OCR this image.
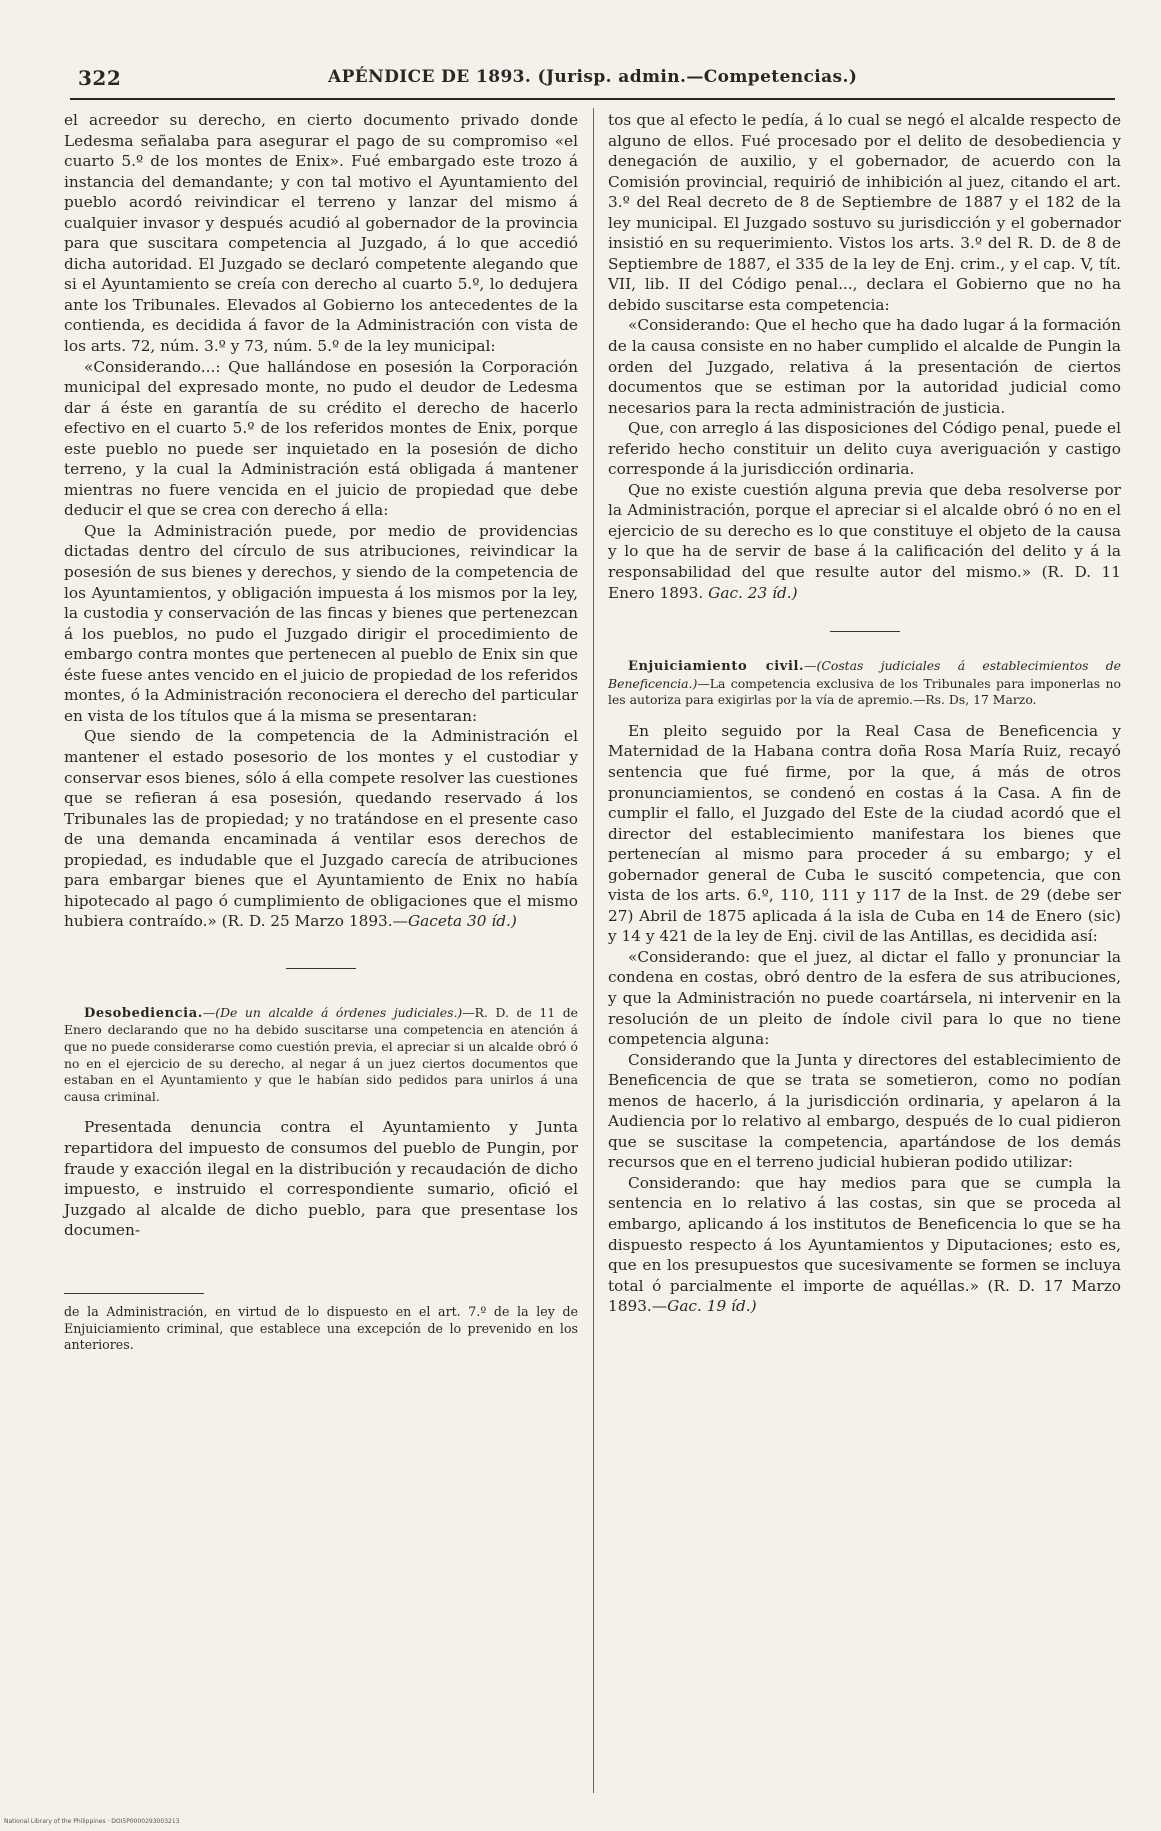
322	APÉNDICE DE 1893. (Jurisp. admin.—Competencias.)

el acreedor su derecho, en cierto documento privado donde Ledesma señalaba para asegurar el pago de su compromiso «el cuarto 5.º de los montes de Enix». Fué embargado este trozo á instancia del demandante; y con tal motivo el Ayuntamiento del pueblo acordó reivindicar el terreno y lanzar del mismo á cualquier invasor y después acudió al gobernador de la provincia para que suscitara competencia al Juzgado, á lo que accedió dicha autoridad. El Juzgado se declaró competente alegando que si el Ayuntamiento se creía con derecho al cuarto 5.º, lo dedujera ante los Tribunales. Elevados al Gobierno los antecedentes de la contienda, es decidida á favor de la Administración con vista de los arts. 72, núm. 3.º y 73, núm. 5.º de la ley municipal:

«Considerando...: Que hallándose en posesión la Corporación municipal del expresado monte, no pudo el deudor de Ledesma dar á éste en garantía de su crédito el derecho de hacerlo efectivo en el cuarto 5.º de los referidos montes de Enix, porque este pueblo no puede ser inquietado en la posesión de dicho terreno, y la cual la Administración está obligada á mantener mientras no fuere vencida en el juicio de propiedad que debe deducir el que se crea con derecho á ella:

Que la Administración puede, por medio de providencias dictadas dentro del círculo de sus atribuciones, reivindicar la posesión de sus bienes y derechos, y siendo de la competencia de los Ayuntamientos, y obligación impuesta á los mismos por la ley, la custodia y conservación de las fincas y bienes que pertenezcan á los pueblos, no pudo el Juzgado dirigir el procedimiento de embargo contra montes que pertenecen al pueblo de Enix sin que éste fuese antes vencido en el juicio de propiedad de los referidos montes, ó la Administración reconociera el derecho del particular en vista de los títulos que á la misma se presentaran:

Que siendo de la competencia de la Administración el mantener el estado posesorio de los montes y el custodiar y conservar esos bienes, sólo á ella compete resolver las cuestiones que se refieran á esa posesión, quedando reservado á los Tribunales las de propiedad; y no tratándose en el presente caso de una demanda encaminada á ventilar esos derechos de propiedad, es indudable que el Juzgado carecía de atribuciones para embargar bienes que el Ayuntamiento de Enix no había hipotecado al pago ó cumplimiento de obligaciones que el mismo hubiera contraído.» (R. D. 25 Marzo 1893.—Gaceta 30 íd.)

Desobediencia.—(De un alcalde á órdenes judiciales.)—R. D. de 11 de Enero declarando que no ha debido suscitarse una competencia en atención á que no puede considerarse como cuestión previa, el apreciar si un alcalde obró ó no en el ejercicio de su derecho, al negar á un juez ciertos documentos que estaban en el Ayuntamiento y que le habían sido pedidos para unirlos á una causa criminal.

Presentada denuncia contra el Ayuntamiento y Junta repartidora del impuesto de consumos del pueblo de Pungin, por fraude y exacción ilegal en la distribución y recaudación de dicho impuesto, e instruido el correspondiente sumario, ofició el Juzgado al alcalde de dicho pueblo, para que presentase los documen-

de la Administración, en virtud de lo dispuesto en el art. 7.º de la ley de Enjuiciamiento criminal, que establece una excepción de lo prevenido en los anteriores.

tos que al efecto le pedía, á lo cual se negó el alcalde respecto de alguno de ellos. Fué procesado por el delito de desobediencia y denegación de auxilio, y el gobernador, de acuerdo con la Comisión provincial, requirió de inhibición al juez, citando el art. 3.º del Real decreto de 8 de Septiembre de 1887 y el 182 de la ley municipal. El Juzgado sostuvo su jurisdicción y el gobernador insistió en su requerimiento. Vistos los arts. 3.º del R. D. de 8 de Septiembre de 1887, el 335 de la ley de Enj. crim., y el cap. V, tít. VII, lib. II del Código penal..., declara el Gobierno que no ha debido suscitarse esta competencia:

«Considerando: Que el hecho que ha dado lugar á la formación de la causa consiste en no haber cumplido el alcalde de Pungin la orden del Juzgado, relativa á la presentación de ciertos documentos que se estiman por la autoridad judicial como necesarios para la recta administración de justicia.

Que, con arreglo á las disposiciones del Código penal, puede el referido hecho constituir un delito cuya averiguación y castigo corresponde á la jurisdicción ordinaria.

Que no existe cuestión alguna previa que deba resolverse por la Administración, porque el apreciar si el alcalde obró ó no en el ejercicio de su derecho es lo que constituye el objeto de la causa y lo que ha de servir de base á la calificación del delito y á la responsabilidad del que resulte autor del mismo.» (R. D. 11 Enero 1893. Gac. 23 íd.)

Enjuiciamiento civil.—(Costas judiciales á establecimientos de Beneficencia.)—La competencia exclusiva de los Tribunales para imponerlas no les autoriza para exigirlas por la vía de apremio.—Rs. Ds, 17 Marzo.

En pleito seguido por la Real Casa de Beneficencia y Maternidad de la Habana contra doña Rosa María Ruiz, recayó sentencia que fué firme, por la que, á más de otros pronunciamientos, se condenó en costas á la Casa. A fin de cumplir el fallo, el Juzgado del Este de la ciudad acordó que el director del establecimiento manifestara los bienes que pertenecían al mismo para proceder á su embargo; y el gobernador general de Cuba le suscitó competencia, que con vista de los arts. 6.º, 110, 111 y 117 de la Inst. de 29 (debe ser 27) Abril de 1875 aplicada á la isla de Cuba en 14 de Enero (sic) y 14 y 421 de la ley de Enj. civil de las Antillas, es decidida así:

«Considerando: que el juez, al dictar el fallo y pronunciar la condena en costas, obró dentro de la esfera de sus atribuciones, y que la Administración no puede coartársela, ni intervenir en la resolución de un pleito de índole civil para lo que no tiene competencia alguna:

Considerando que la Junta y directores del establecimiento de Beneficencia de que se trata se sometieron, como no podían menos de hacerlo, á la jurisdicción ordinaria, y apelaron á la Audiencia por lo relativo al embargo, después de lo cual pidieron que se suscitase la competencia, apartándose de los demás recursos que en el terreno judicial hubieran podido utilizar:

Considerando: que hay medios para que se cumpla la sentencia en lo relativo á las costas, sin que se proceda al embargo, aplicando á los institutos de Beneficencia lo que se ha dispuesto respecto á los Ayuntamientos y Diputaciones; esto es, que en los presupuestos que sucesivamente se formen se incluya total ó parcialmente el importe de aquéllas.» (R. D. 17 Marzo 1893.—Gac. 19 íd.)

National Library of the Philippines · DOI5P0000293003213
